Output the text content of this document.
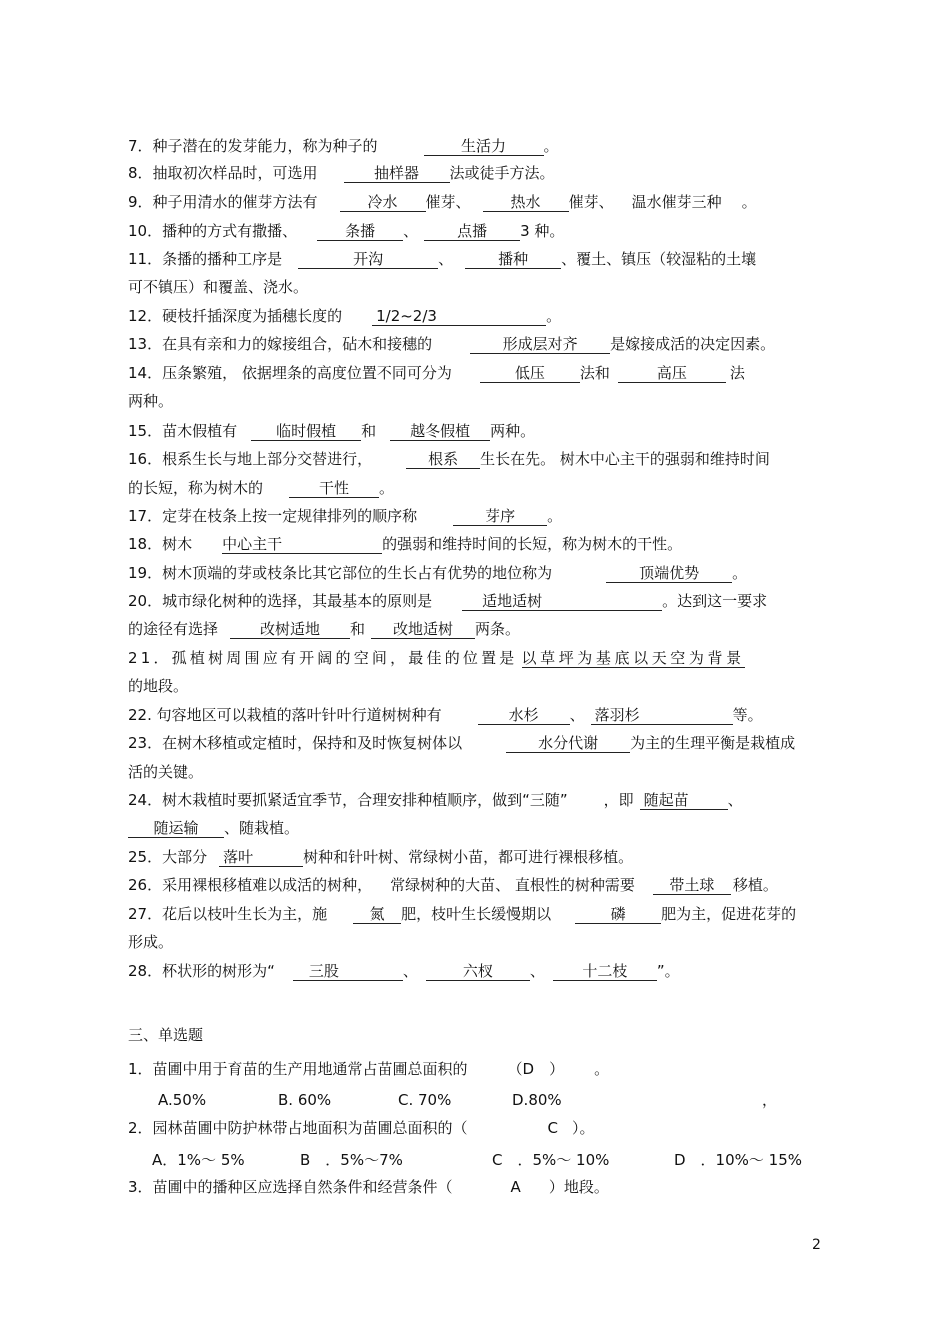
7．种子潜在的发芽能力，称为种子的	生活力	。
8．抽取初次样品时，可选用	抽样器 法或徒手方法。
9．种子用清水的催芽方法有	冷水 催芽、	热水 催芽、 温水催芽三种 。
10．播种的方式有撒播、	条播 、	点播 3 种。
11．条播的播种工序是	开沟	、	播种 、覆土、镇压（较湿粘的土壤
可不镇压）和覆盖、浇水。
12．硬枝扦插深度为插穗长度的 1/2~2/3	。
13．在具有亲和力的嫁接组合，砧木和接穗的	形成层对齐 是嫁接成活的决定因素。
14．压条繁殖， 依据埋条的高度位置不同可分为	低压 法和	高压	法
两种。
15．苗木假植有	临时假植 和 越冬假植 两种。
16．根系生长与地上部分交替进行，	根系 生长在先。 树木中心主干的强弱和维持时间
的长短，称为树木的	干性 。
17．定芽在枝条上按一定规律排列的顺序称	芽序 。
18．树木 中心主干	的强弱和维持时间的长短，称为树木的干性。
19．树木顶端的芽或枝条比其它部位的生长占有优势的地位称为	顶端优势 。
20．城市绿化树种的选择，其最基本的原则是	适地适树	。达到这一要求
的途径有选择	改树适地 和 改地适树 两条。
21．孤植树周围应有开阔的空间，最佳的位置是 以草坪为基底以天空为背景
的地段。
22. 句容地区可以栽植的落叶针叶行道树树种有	水杉 、 落羽杉	等。
23．在树木移植或定植时，保持和及时恢复树体以	水分代谢 为主的生理平衡是栽植成
活的关键。
24．树木栽植时要抓紧适宜季节，合理安排种植顺序，做到“三随” ，即 随起苗	、
随运输 、随栽植。
25．大部分 落叶	树种和针叶树、常绿树小苗，都可进行裸根移植。
26．采用裸根移植难以成活的树种， 常绿树种的大苗、 直根性的树种需要 带土球 移植。
27．花后以枝叶生长为主，施	氮 肥，枝叶生长缓慢期以	磷 肥为主，促进花芽的
形成。
28．杯状形的树形为“ 三股	、	六杈 、 十二枝 ”。
三、单选题
1．苗圃中用于育苗的生产用地通常占苗圃总面积的	（D　） 。
A.50%	B. 60%	C. 70%	D.80%	，
2．园林苗圃中防护林带占地面积为苗圃总面积的（	C ）。
A．1%～ 5%	B　．5%～7%	C　．5%～ 10%	D　．10%～ 15%
3．苗圃中的播种区应选择自然条件和经营条件（	A ）地段。
2
